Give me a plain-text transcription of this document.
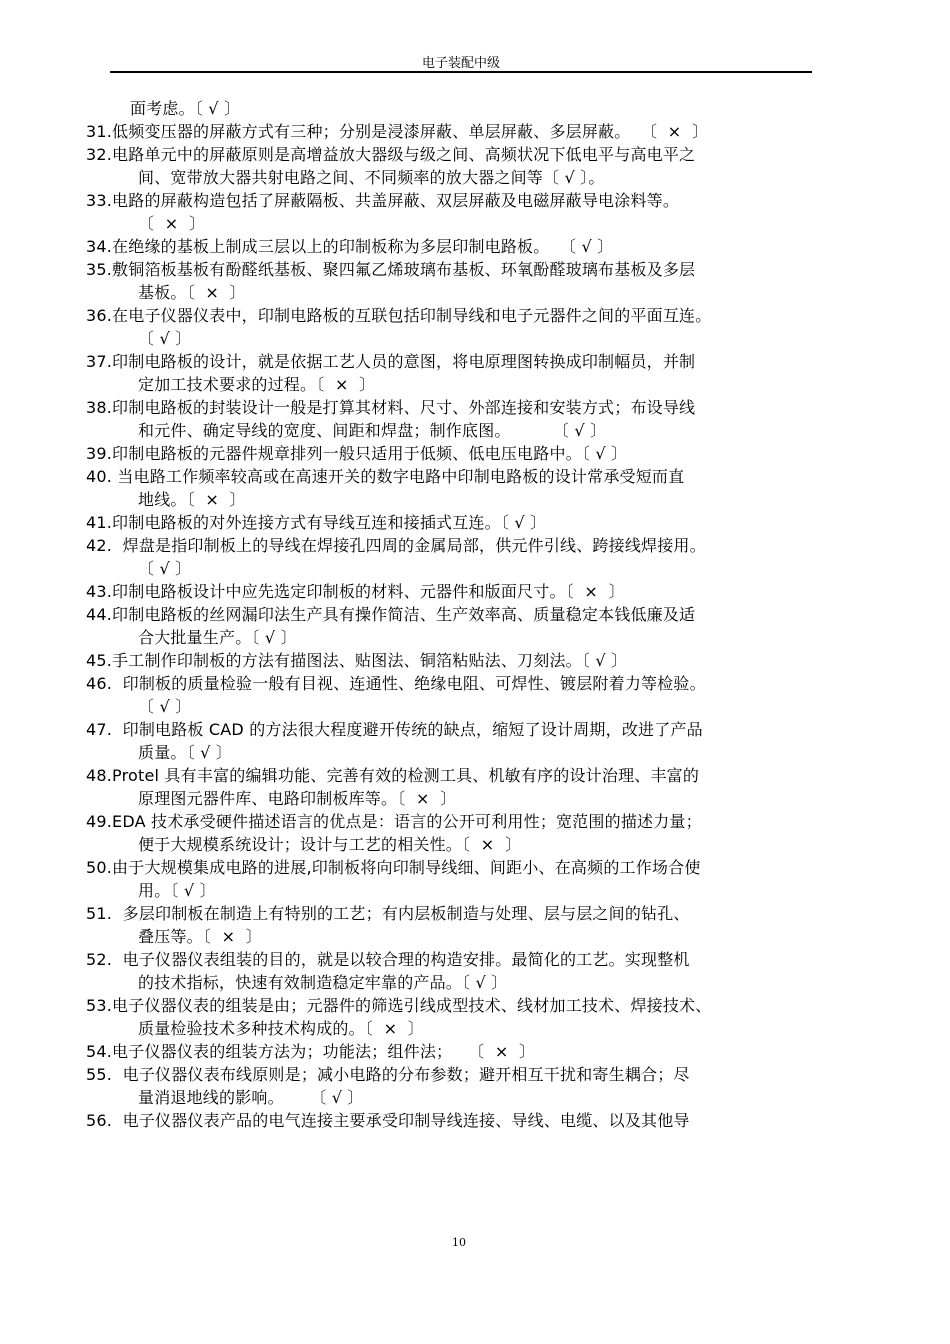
电子装配中级
面考虑。〔 √ 〕
31.低频变压器的屏蔽方式有三种；分别是浸漆屏蔽、单层屏蔽、多层屏蔽。  〔  ×  〕
32.电路单元中的屏蔽原则是高增益放大器级与级之间、高频状况下低电平与高电平之
间、宽带放大器共射电路之间、不同频率的放大器之间等〔 √ 〕。
33.电路的屏蔽构造包括了屏蔽隔板、共盖屏蔽、双层屏蔽及电磁屏蔽导电涂料等。
〔  ×  〕
34.在绝缘的基板上制成三层以上的印制板称为多层印制电路板。  〔 √ 〕
35.敷铜箔板基板有酚醛纸基板、聚四氟乙烯玻璃布基板、环氧酚醛玻璃布基板及多层
基板。〔  ×  〕
36.在电子仪器仪表中，印制电路板的互联包括印制导线和电子元器件之间的平面互连。
〔 √ 〕
37.印制电路板的设计，就是依据工艺人员的意图，将电原理图转换成印制幅员，并制
定加工技术要求的过程。〔  ×  〕
38.印制电路板的封装设计一般是打算其材料、尺寸、外部连接和安装方式；布设导线
和元件、确定导线的宽度、间距和焊盘；制作底图。        〔 √ 〕
39.印制电路板的元器件规章排列一般只适用于低频、低电压电路中。〔 √ 〕
40. 当电路工作频率较高或在高速开关的数字电路中印制电路板的设计常承受短而直
地线。〔  ×  〕
41.印制电路板的对外连接方式有导线互连和接插式互连。〔 √ 〕
42.  焊盘是指印制板上的导线在焊接孔四周的金属局部，供元件引线、跨接线焊接用。
〔 √ 〕
43.印制电路板设计中应先选定印制板的材料、元器件和版面尺寸。〔  ×  〕
44.印制电路板的丝网漏印法生产具有操作简洁、生产效率高、质量稳定本钱低廉及适
合大批量生产。〔 √ 〕
45.手工制作印制板的方法有描图法、贴图法、铜箔粘贴法、刀刻法。〔 √ 〕
46.  印制板的质量检验一般有目视、连通性、绝缘电阻、可焊性、镀层附着力等检验。
〔 √ 〕
47.  印制电路板 CAD 的方法很大程度避开传统的缺点，缩短了设计周期，改进了产品
质量。〔 √ 〕
48.Protel 具有丰富的编辑功能、完善有效的检测工具、机敏有序的设计治理、丰富的
原理图元器件库、电路印制板库等。〔  ×  〕
49.EDA 技术承受硬件描述语言的优点是：语言的公开可利用性；宽范围的描述力量；
便于大规模系统设计；设计与工艺的相关性。〔  ×  〕
50.由于大规模集成电路的进展,印制板将向印制导线细、间距小、在高频的工作场合使
用。〔 √ 〕
51.  多层印制板在制造上有特别的工艺；有内层板制造与处理、层与层之间的钻孔、
叠压等。〔  ×  〕
52.  电子仪器仪表组装的目的，就是以较合理的构造安排。最简化的工艺。实现整机
的技术指标，快速有效制造稳定牢靠的产品。〔 √ 〕
53.电子仪器仪表的组装是由；元器件的筛选引线成型技术、线材加工技术、焊接技术、
质量检验技术多种技术构成的。〔  ×  〕
54.电子仪器仪表的组装方法为；功能法；组件法；   〔  ×  〕
55.  电子仪器仪表布线原则是；减小电路的分布参数；避开相互干扰和寄生耦合；尽
量消退地线的影响。     〔 √ 〕
56.  电子仪器仪表产品的电气连接主要承受印制导线连接、导线、电缆、以及其他导
10
